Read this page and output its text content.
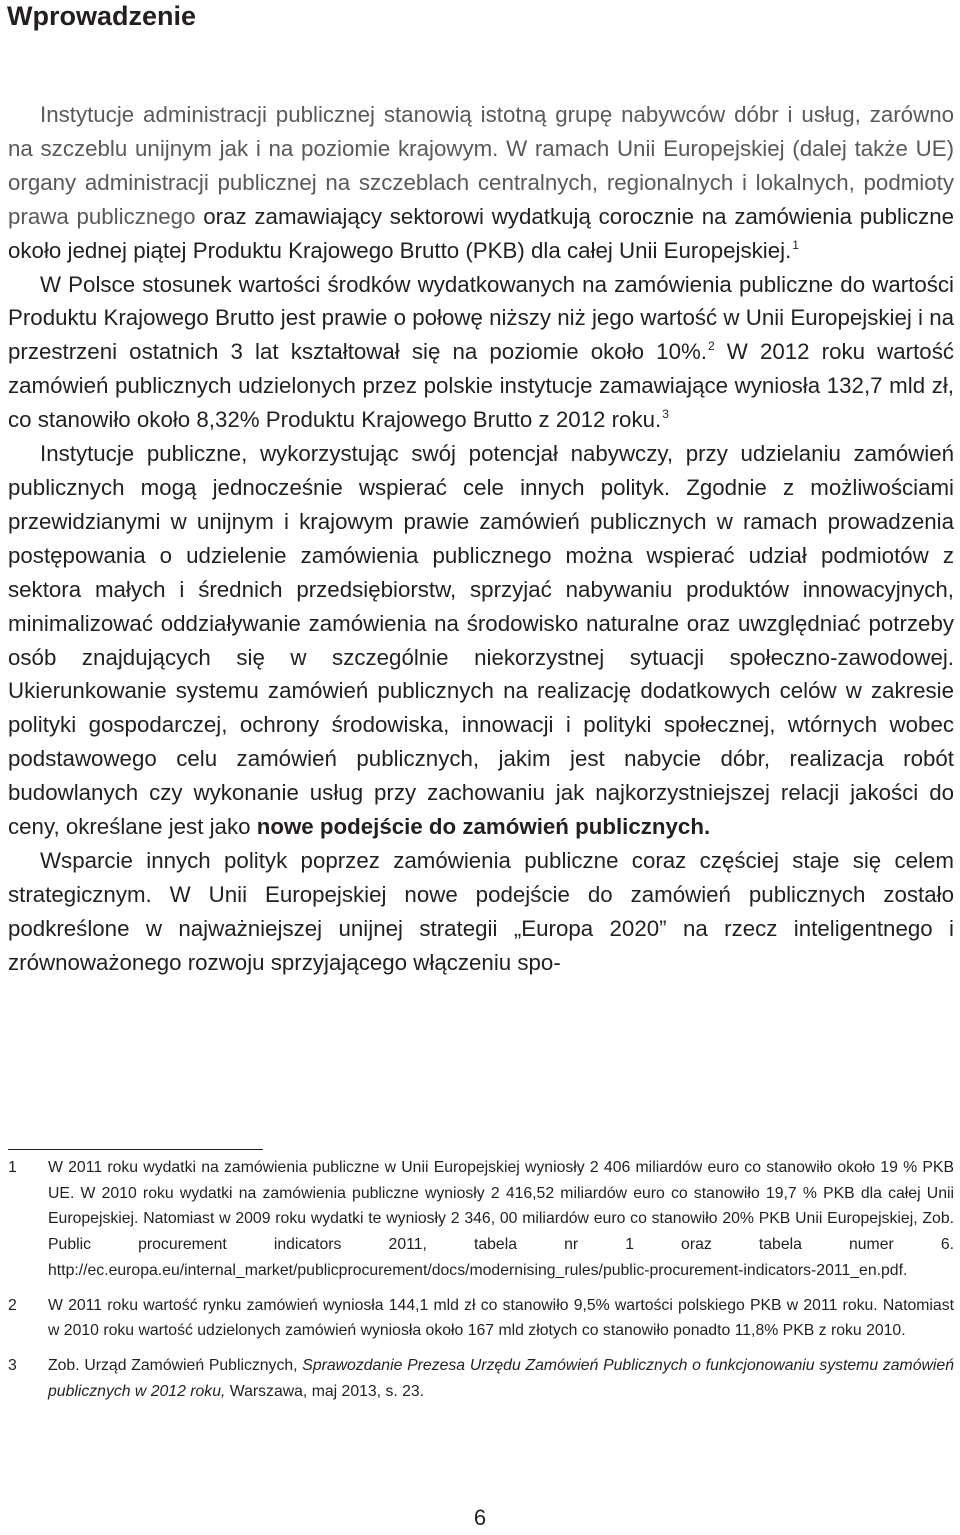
Wprowadzenie

Instytucje administracji publicznej stanowią istotną grupę nabywców dóbr i usług, zarówno na szczeblu unijnym jak i na poziomie krajowym. W ramach Unii Europejskiej (dalej także UE) organy administracji publicznej na szczeblach centralnych, regionalnych i lokalnych, podmioty prawa publicznego oraz zamawiający sektorowi wydatkują corocznie na zamówienia publiczne około jednej piątej Produktu Krajowego Brutto (PKB) dla całej Unii Europejskiej.$^1$

W Polsce stosunek wartości środków wydatkowanych na zamówienia publiczne do wartości Produktu Krajowego Brutto jest prawie o połowę niższy niż jego wartość w Unii Europejskiej i na przestrzeni ostatnich 3 lat kształtował się na poziomie około 10%.$^2$ W 2012 roku wartość zamówień publicznych udzielonych przez polskie instytucje zamawiające wyniosła 132,7 mld zł, co stanowiło około 8,32% Produktu Krajowego Brutto z 2012 roku.$^3$

Instytucje publiczne, wykorzystując swój potencjał nabywczy, przy udzielaniu zamówień publicznych mogą jednocześnie wspierać cele innych polityk. Zgodnie z możliwościami przewidzianymi w unijnym i krajowym prawie zamówień publicznych w ramach prowadzenia postępowania o udzielenie zamówienia publicznego można wspierać udział podmiotów z sektora małych i średnich przedsiębiorstw, sprzyjać nabywaniu produktów innowacyjnych, minimalizować oddziaływanie zamówienia na środowisko naturalne oraz uwzględniać potrzeby osób znajdujących się w szczególnie niekorzystnej sytuacji społeczno-zawodowej. Ukierunkowanie systemu zamówień publicznych na realizację dodatkowych celów w zakresie polityki gospodarczej, ochrony środowiska, innowacji i polityki społecznej, wtórnych wobec podstawowego celu zamówień publicznych, jakim jest nabycie dóbr, realizacja robót budowlanych czy wykonanie usług przy zachowaniu jak najkorzystniejszej relacji jakości do ceny, określane jest jako nowe podejście do zamówień publicznych.

Wsparcie innych polityk poprzez zamówienia publiczne coraz częściej staje się celem strategicznym. W Unii Europejskiej nowe podejście do zamówień publicznych zostało podkreślone w najważniejszej unijnej strategii „Europa 2020” na rzecz inteligentnego i zrównoważonego rozwoju sprzyjającego włączeniu spo-

1	W 2011 roku wydatki na zamówienia publiczne w Unii Europejskiej wyniosły 2 406 miliardów euro co stanowiło około 19 % PKB UE. W 2010 roku wydatki na zamówienia publiczne wyniosły 2 416,52 miliardów euro co stanowiło 19,7 % PKB dla całej Unii Europejskiej. Natomiast w 2009 roku wydatki te wyniosły 2 346, 00 miliardów euro co stanowiło 20% PKB Unii Europejskiej, Zob. Public procurement indicators 2011, tabela nr 1 oraz tabela numer 6. http://ec.europa.eu/internal_market/publicprocurement/docs/modernising_rules/public-procurement-indicators-2011_en.pdf.
2	W 2011 roku wartość rynku zamówień wyniosła 144,1 mld zł co stanowiło 9,5% wartości polskiego PKB w 2011 roku. Natomiast w 2010 roku wartość udzielonych zamówień wyniosła około 167 mld złotych co stanowiło ponadto 11,8% PKB z roku 2010.
3	Zob. Urząd Zamówień Publicznych, Sprawozdanie Prezesa Urzędu Zamówień Publicznych o funkcjonowaniu systemu zamówień publicznych w 2012 roku, Warszawa, maj 2013, s. 23.
6
